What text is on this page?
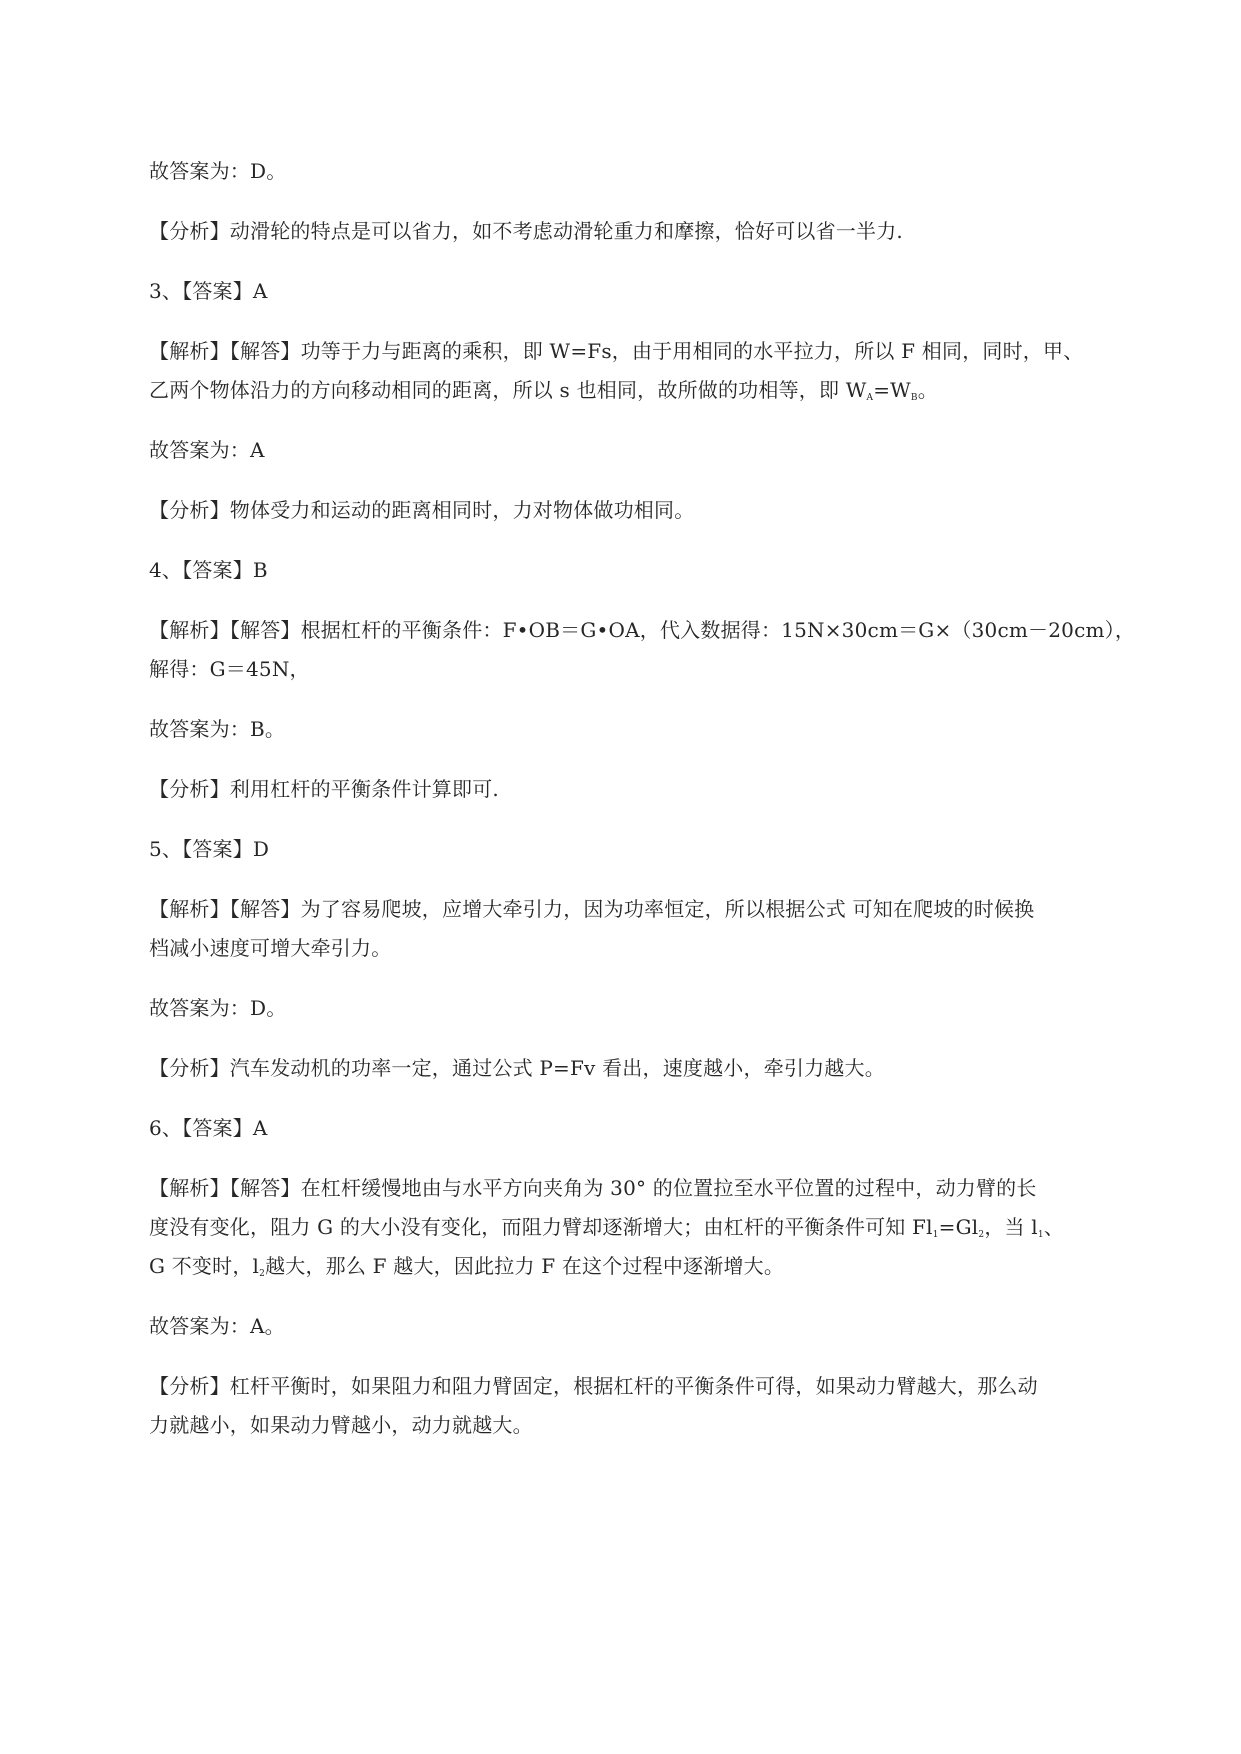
故答案为：D。
【分析】动滑轮的特点是可以省力，如不考虑动滑轮重力和摩擦，恰好可以省一半力.
3、【答案】A
【解析】【解答】功等于力与距离的乘积，即 W=Fs，由于用相同的水平拉力，所以 F 相同，同时，甲、
乙两个物体沿力的方向移动相同的距离，所以 s 也相同，故所做的功相等，即 $W_A=W_B$。
故答案为：A
【分析】物体受力和运动的距离相同时，力对物体做功相同。
4、【答案】B
【解析】【解答】根据杠杆的平衡条件：F•OB＝G•OA，代入数据得：15N×30cm＝G×（30cm－20cm），
解得：G＝45N，
故答案为：B。
【分析】利用杠杆的平衡条件计算即可.
5、【答案】D
【解析】【解答】为了容易爬坡，应增大牵引力，因为功率恒定，所以根据公式 可知在爬坡的时候换
档减小速度可增大牵引力。
故答案为：D。
【分析】汽车发动机的功率一定，通过公式 P=Fv 看出，速度越小，牵引力越大。
6、【答案】A
【解析】【解答】在杠杆缓慢地由与水平方向夹角为 30° 的位置拉至水平位置的过程中，动力臂的长
度没有变化，阻力 G 的大小没有变化，而阻力臂却逐渐增大；由杠杆的平衡条件可知 $Fl_1=Gl_2$，当 $l_1$、
G 不变时，$l_2$越大，那么 F 越大，因此拉力 F 在这个过程中逐渐增大。
故答案为：A。
【分析】杠杆平衡时，如果阻力和阻力臂固定，根据杠杆的平衡条件可得，如果动力臂越大，那么动
力就越小，如果动力臂越小，动力就越大。
